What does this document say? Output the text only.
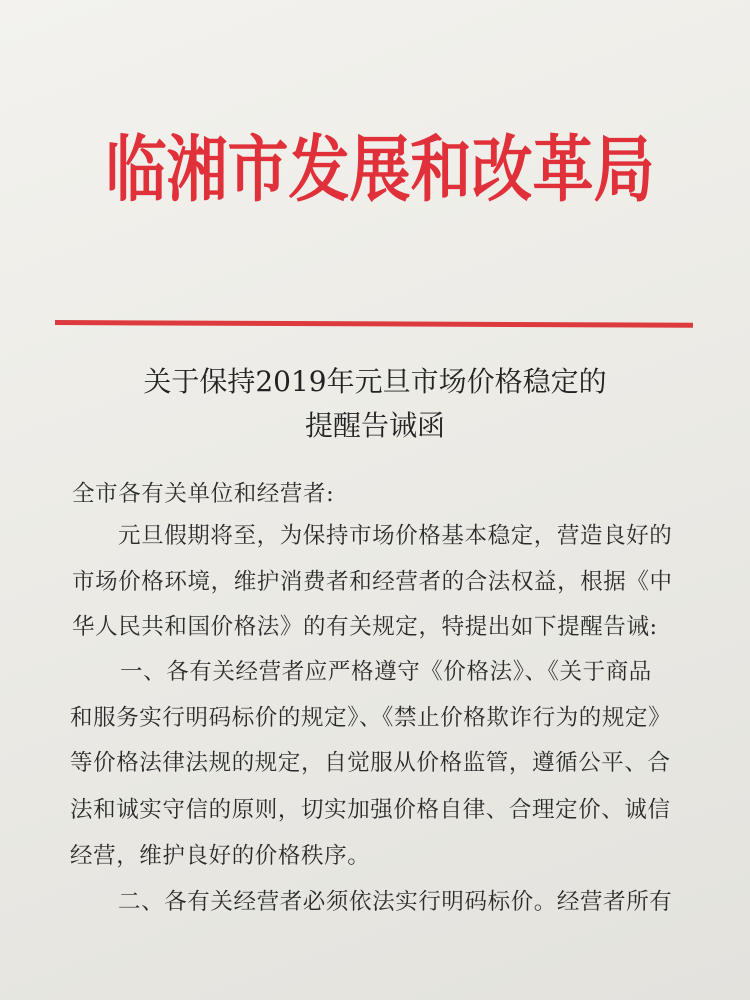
临湘市发展和改革局
关于保持2019年元旦市场价格稳定的
提醒告诫函
全市各有关单位和经营者:
元旦假期将至，为保持市场价格基本稳定，营造良好的
市场价格环境，维护消费者和经营者的合法权益，根据《中
华人民共和国价格法》的有关规定，特提出如下提醒告诫:
一、各有关经营者应严格遵守《价格法》、《关于商品
和服务实行明码标价的规定》、《禁止价格欺诈行为的规定》
等价格法律法规的规定，自觉服从价格监管，遵循公平、合
法和诚实守信的原则，切实加强价格自律、合理定价、诚信
经营，维护良好的价格秩序。
二、各有关经营者必须依法实行明码标价。经营者所有
